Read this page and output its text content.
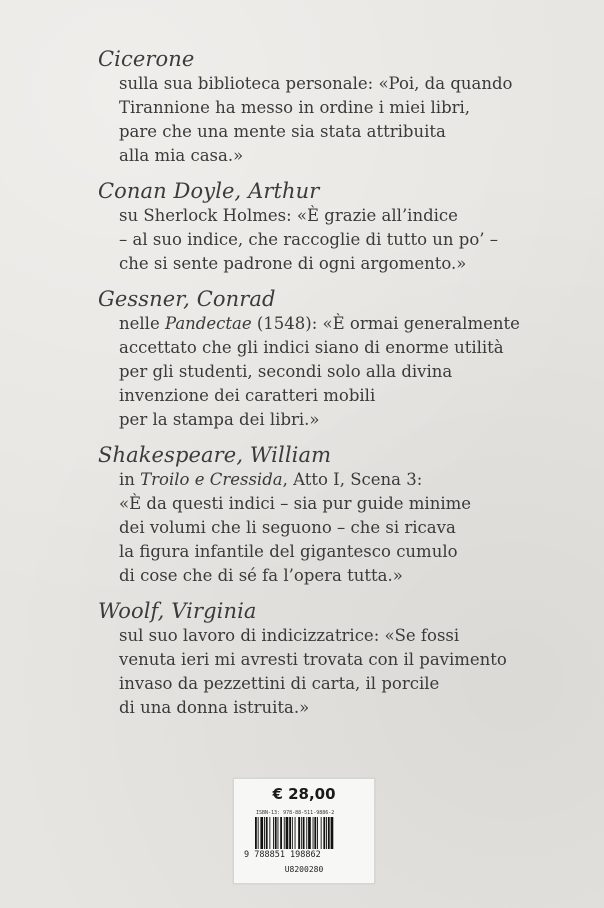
Cicerone

sulla sua biblioteca personale: «Poi, da quando
Tirannione ha messo in ordine i miei libri,
pare che una mente sia stata attribuita
alla mia casa.»

Conan Doyle, Arthur

su Sherlock Holmes: «È grazie all’indice
– al suo indice, che raccoglie di tutto un po’ –
che si sente padrone di ogni argomento.»

Gessner, Conrad

nelle Pandectae (1548): «È ormai generalmente
accettato che gli indici siano di enorme utilità
per gli studenti, secondi solo alla divina
invenzione dei caratteri mobili
per la stampa dei libri.»

Shakespeare, William

in Troilo e Cressida, Atto I, Scena 3:
«È da questi indici – sia pur guide minime
dei volumi che li seguono – che si ricava
la figura infantile del gigantesco cumulo
di cose che di sé fa l’opera tutta.»

Woolf, Virginia

sul suo lavoro di indicizzatrice: «Se fossi
venuta ieri mi avresti trovata con il pavimento
invaso da pezzettini di carta, il porcile
di una donna istruita.»

€ 28,00
ISBN-13: 978-88-511-9886-2
9 788851 198862
U8200280
